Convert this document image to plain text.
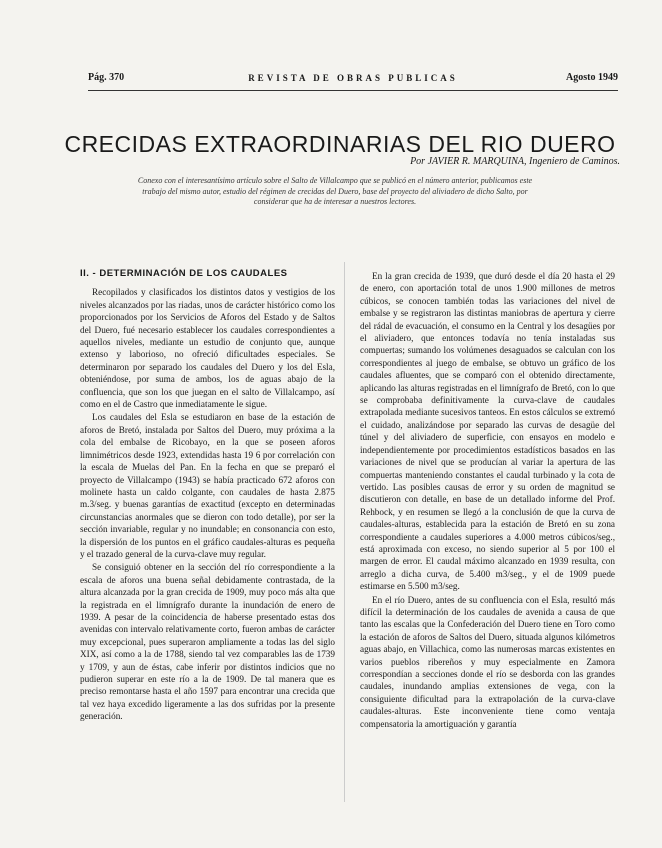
Pág. 370	REVISTA DE OBRAS PUBLICAS	Agosto 1949
CRECIDAS EXTRAORDINARIAS DEL RIO DUERO
Por JAVIER R. MARQUINA, Ingeniero de Caminos.
Conexo con el interesantísimo artículo sobre el Salto de Villalcampo que se publicó en el número anterior, publicamos este trabajo del mismo autor, estudio del régimen de crecidas del Duero, base del proyecto del aliviadero de dicho Salto, por considerar que ha de interesar a nuestros lectores.
II. - DETERMINACIÓN DE LOS CAUDALES

Recopilados y clasificados los distintos datos y vestigios de los niveles alcanzados por las riadas, unos de carácter histórico como los proporcionados por los Servicios de Aforos del Estado y de Saltos del Duero, fué necesario establecer los caudales correspondientes a aquellos niveles, mediante un estudio de conjunto que, aunque extenso y laborioso, no ofreció dificultades especiales. Se determinaron por separado los caudales del Duero y los del Esla, obteniéndose, por suma de ambos, los de aguas abajo de la confluencia, que son los que juegan en el salto de Villalcampo, así como en el de Castro que inmediatamente le sigue.

Los caudales del Esla se estudiaron en base de la estación de aforos de Bretó, instalada por Saltos del Duero, muy próxima a la cola del embalse de Ricobayo, en la que se poseen aforos limnimétricos desde 1923, extendidas hasta 19 6 por correlación con la escala de Muelas del Pan. En la fecha en que se preparó el proyecto de Villalcampo (1943) se había practicado 672 aforos con molinete hasta un caldo colgante, con caudales de hasta 2.875 m.3/seg. y buenas garantías de exactitud (excepto en determinadas circunstancias anormales que se dieron con todo detalle), por ser la sección invariable, regular y no inundable; en consonancia con esto, la dispersión de los puntos en el gráfico caudales-alturas es pequeña y el trazado general de la curva-clave muy regular.

Se consiguió obtener en la sección del río correspondiente a la escala de aforos una buena señal debidamente contrastada, de la altura alcanzada por la gran crecida de 1909, muy poco más alta que la registrada en el limnígrafo durante la inundación de enero de 1939. A pesar de la coincidencia de haberse presentado estas dos avenidas con intervalo relativamente corto, fueron ambas de carácter muy excepcional, pues superaron ampliamente a todas las del siglo XIX, así como a la de 1788, siendo tal vez comparables las de 1739 y 1709, y aun de éstas, cabe inferir por distintos indicios que no pudieron superar en este río a la de 1909. De tal manera que es preciso remontarse hasta el año 1597 para encontrar una crecida que tal vez haya excedido ligeramente a las dos sufridas por la presente generación.

En la gran crecida de 1939, que duró desde el día 20 hasta el 29 de enero, con aportación total de unos 1.900 millones de metros cúbicos, se conocen también todas las variaciones del nivel de embalse y se registraron las distintas maniobras de apertura y cierre del rádal de evacuación, el consumo en la Central y los desagües por el aliviadero, que entonces todavía no tenía instaladas sus compuertas; sumando los volúmenes desaguados se calculan con los correspondientes al juego de embalse, se obtuvo un gráfico de los caudales afluentes, que se comparó con el obtenido directamente, aplicando las alturas registradas en el limnígrafo de Bretó, con lo que se comprobaba definitivamente la curva-clave de caudales extrapolada mediante sucesivos tanteos. En estos cálculos se extremó el cuidado, analizándose por separado las curvas de desagüe del túnel y del aliviadero de superficie, con ensayos en modelo e independientemente por procedimientos estadísticos basados en las variaciones de nivel que se producían al variar la apertura de las compuertas manteniendo constantes el caudal turbinado y la cota de vertido. Las posibles causas de error y su orden de magnitud se discutieron con detalle, en base de un detallado informe del Prof. Rehbock, y en resumen se llegó a la conclusión de que la curva de caudales-alturas, establecida para la estación de Bretó en su zona correspondiente a caudales superiores a 4.000 metros cúbicos/seg., está aproximada con exceso, no siendo superior al 5 por 100 el margen de error. El caudal máximo alcanzado en 1939 resulta, con arreglo a dicha curva, de 5.400 m3/seg., y el de 1909 puede estimarse en 5.500 m3/seg.

En el río Duero, antes de su confluencia con el Esla, resultó más difícil la determinación de los caudales de avenida a causa de que tanto las escalas que la Confederación del Duero tiene en Toro como la estación de aforos de Saltos del Duero, situada algunos kilómetros aguas abajo, en Villachica, como las numerosas marcas existentes en varios pueblos ribereños y muy especialmente en Zamora correspondían a secciones donde el río se desborda con las grandes caudales, inundando amplias extensiones de vega, con la consiguiente dificultad para la extrapolación de la curva-clave caudales-alturas. Este inconveniente tiene como ventaja compensatoria la amortiguación y garantía
